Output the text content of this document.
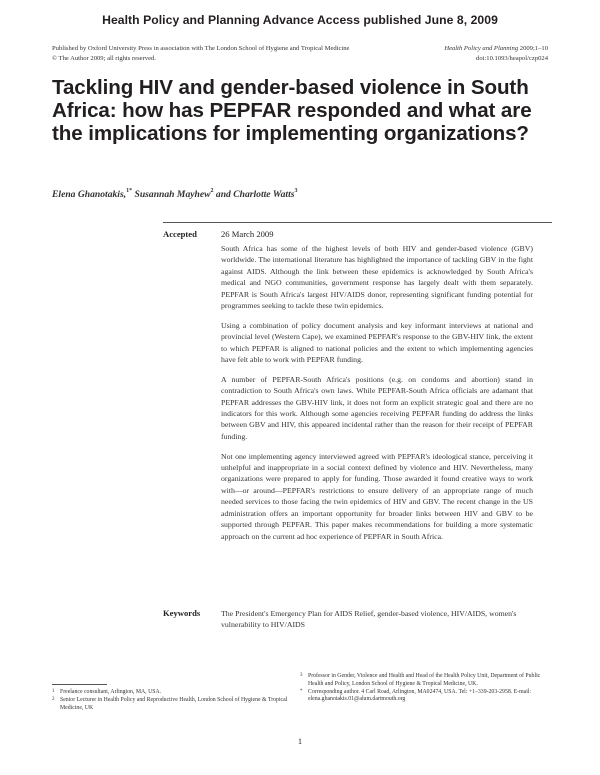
Health Policy and Planning Advance Access published June 8, 2009
Published by Oxford University Press in association with The London School of Hygiene and Tropical Medicine
© The Author 2009; all rights reserved.
Health Policy and Planning 2009;1–10
doi:10.1093/heapol/czp024
Tackling HIV and gender-based violence in South Africa: how has PEPFAR responded and what are the implications for implementing organizations?
Elena Ghanotakis,$^{1*}$ Susannah Mayhew$^2$ and Charlotte Watts$^3$
Accepted	26 March 2009

South Africa has some of the highest levels of both HIV and gender-based violence (GBV) worldwide. The international literature has highlighted the importance of tackling GBV in the fight against AIDS. Although the link between these epidemics is acknowledged by South Africa's medical and NGO communities, government response has largely dealt with them separately. PEPFAR is South Africa's largest HIV/AIDS donor, representing significant funding potential for programmes seeking to tackle these twin epidemics.

Using a combination of policy document analysis and key informant interviews at national and provincial level (Western Cape), we examined PEPFAR's response to the GBV-HIV link, the extent to which PEPFAR is aligned to national policies and the extent to which implementing agencies have felt able to work with PEPFAR funding.

A number of PEPFAR-South Africa's positions (e.g. on condoms and abortion) stand in contradiction to South Africa's own laws. While PEPFAR-South Africa officials are adamant that PEPFAR addresses the GBV-HIV link, it does not form an explicit strategic goal and there are no indicators for this work. Although some agencies receiving PEPFAR funding do address the links between GBV and HIV, this appeared incidental rather than the reason for their receipt of PEPFAR funding.

Not one implementing agency interviewed agreed with PEPFAR's ideological stance, perceiving it unhelpful and inappropriate in a social context defined by violence and HIV. Nevertheless, many organizations were prepared to apply for funding. Those awarded it found creative ways to work with—or around—PEPFAR's restrictions to ensure delivery of an appropriate range of much needed services to those facing the twin epidemics of HIV and GBV. The recent change in the US administration offers an important opportunity for broader links between HIV and GBV to be supported through PEPFAR. This paper makes recommendations for building a more systematic approach on the current ad hoc experience of PEPFAR in South Africa.

Keywords	The President's Emergency Plan for AIDS Relief, gender-based violence, HIV/AIDS, women's vulnerability to HIV/AIDS
1 Freelance consultant, Arlington, MA, USA.
2 Senior Lecturer in Health Policy and Reproductive Health, London School of Hygiene & Tropical Medicine, UK
3 Professor in Gender, Violence and Health and Head of the Health Policy Unit, Department of Public Health and Policy, London School of Hygiene & Tropical Medicine, UK.
* Corresponding author. 4 Carl Road, Arlington, MA02474, USA. Tel: +1–339-203-2958. E-mail: elena.ghanotakis.01@alum.dartmouth.org
1
